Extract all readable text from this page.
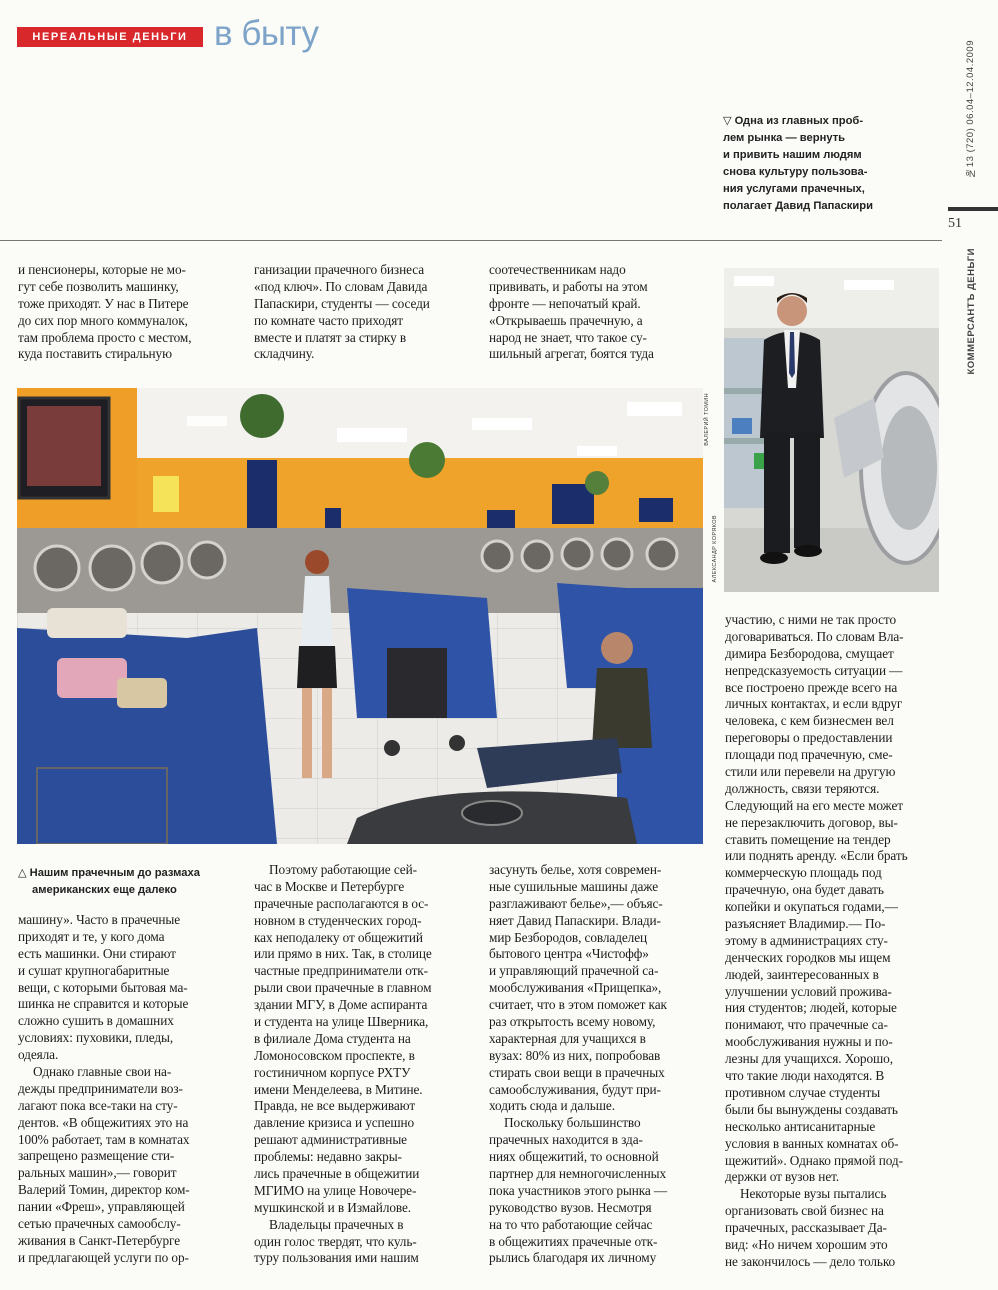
НЕРЕАЛЬНЫЕ ДЕНЬГИ в быту
▽ Одна из главных проб-
лем рынка — вернуть
и привить нашим людям
снова культуру пользова-
ния услугами прачечных,
полагает Давид Папаскири
№13 (720) 06.04–12.04.2009
51
КОММЕРСАНТЪ ДЕНЬГИ
и пенсионеры, которые не мо-
гут себе позволить машинку,
тоже приходят. У нас в Питере
до сих пор много коммуналок,
там проблема просто с местом,
куда поставить стиральную
ганизации прачечного бизнеса
«под ключ». По словам Давида
Папаскири, студенты — соседи
по комнате часто приходят
вместе и платят за стирку в
складчину.
соотечественникам надо
прививать, и работы на этом
фронте — непочатый край.
«Открываешь прачечную, а
народ не знает, что такое су-
шильный агрегат, боятся туда
АЛЕКСАНДР КОРЯКОВ
ВАЛЕРИЙ ТОМИН
△ Нашим прачечным до размаха
американских еще далеко
машину». Часто в прачечные
приходят и те, у кого дома
есть машинки. Они стирают
и сушат крупногабаритные
вещи, с которыми бытовая ма-
шинка не справится и которые
сложно сушить в домашних
условиях: пуховики, пледы,
одеяла.
Однако главные свои на-
дежды предприниматели воз-
лагают пока все-таки на сту-
дентов. «В общежитиях это на
100% работает, там в комнатах
запрещено размещение сти-
ральных машин»,— говорит
Валерий Томин, директор ком-
пании «Фреш», управляющей
сетью прачечных самообслу-
живания в Санкт-Петербурге
и предлагающей услуги по ор-
Поэтому работающие сей-
час в Москве и Петербурге
прачечные располагаются в ос-
новном в студенческих город-
ках неподалеку от общежитий
или прямо в них. Так, в столице
частные предприниматели отк-
рыли свои прачечные в главном
здании МГУ, в Доме аспиранта
и студента на улице Шверника,
в филиале Дома студента на
Ломоносовском проспекте, в
гостиничном корпусе РХТУ
имени Менделеева, в Митине.
Правда, не все выдерживают
давление кризиса и успешно
решают административные
проблемы: недавно закры-
лись прачечные в общежитии
МГИМО на улице Новочере-
мушкинской и в Измайлове.
Владельцы прачечных в
один голос твердят, что куль-
туру пользования ими нашим
засунуть белье, хотя современ-
ные сушильные машины даже
разглаживают белье»,— объяс-
няет Давид Папаскири. Влади-
мир Безбородов, совладелец
бытового центра «Чистофф»
и управляющий прачечной са-
мообслуживания «Прищепка»,
считает, что в этом поможет как
раз открытость всему новому,
характерная для учащихся в
вузах: 80% из них, попробовав
стирать свои вещи в прачечных
самообслуживания, будут при-
ходить сюда и дальше.
Поскольку большинство
прачечных находится в зда-
ниях общежитий, то основной
партнер для немногочисленных
пока участников этого рынка —
руководство вузов. Несмотря
на то что работающие сейчас
в общежитиях прачечные отк-
рылись благодаря их личному
участию, с ними не так просто
договариваться. По словам Вла-
димира Безбородова, смущает
непредсказуемость ситуации —
все построено прежде всего на
личных контактах, и если вдруг
человека, с кем бизнесмен вел
переговоры о предоставлении
площади под прачечную, сме-
стили или перевели на другую
должность, связи теряются.
Следующий на его месте может
не перезаключить договор, вы-
ставить помещение на тендер
или поднять аренду. «Если брать
коммерческую площадь под
прачечную, она будет давать
копейки и окупаться годами,—
разъясняет Владимир.— По-
этому в администрациях сту-
денческих городков мы ищем
людей, заинтересованных в
улучшении условий прожива-
ния студентов; людей, которые
понимают, что прачечные са-
мообслуживания нужны и по-
лезны для учащихся. Хорошо,
что такие люди находятся. В
противном случае студенты
были бы вынуждены создавать
несколько антисанитарные
условия в ванных комнатах об-
щежитий». Однако прямой под-
держки от вузов нет.
Некоторые вузы пытались
организовать свой бизнес на
прачечных, рассказывает Да-
вид: «Но ничем хорошим это
не закончилось — дело только
